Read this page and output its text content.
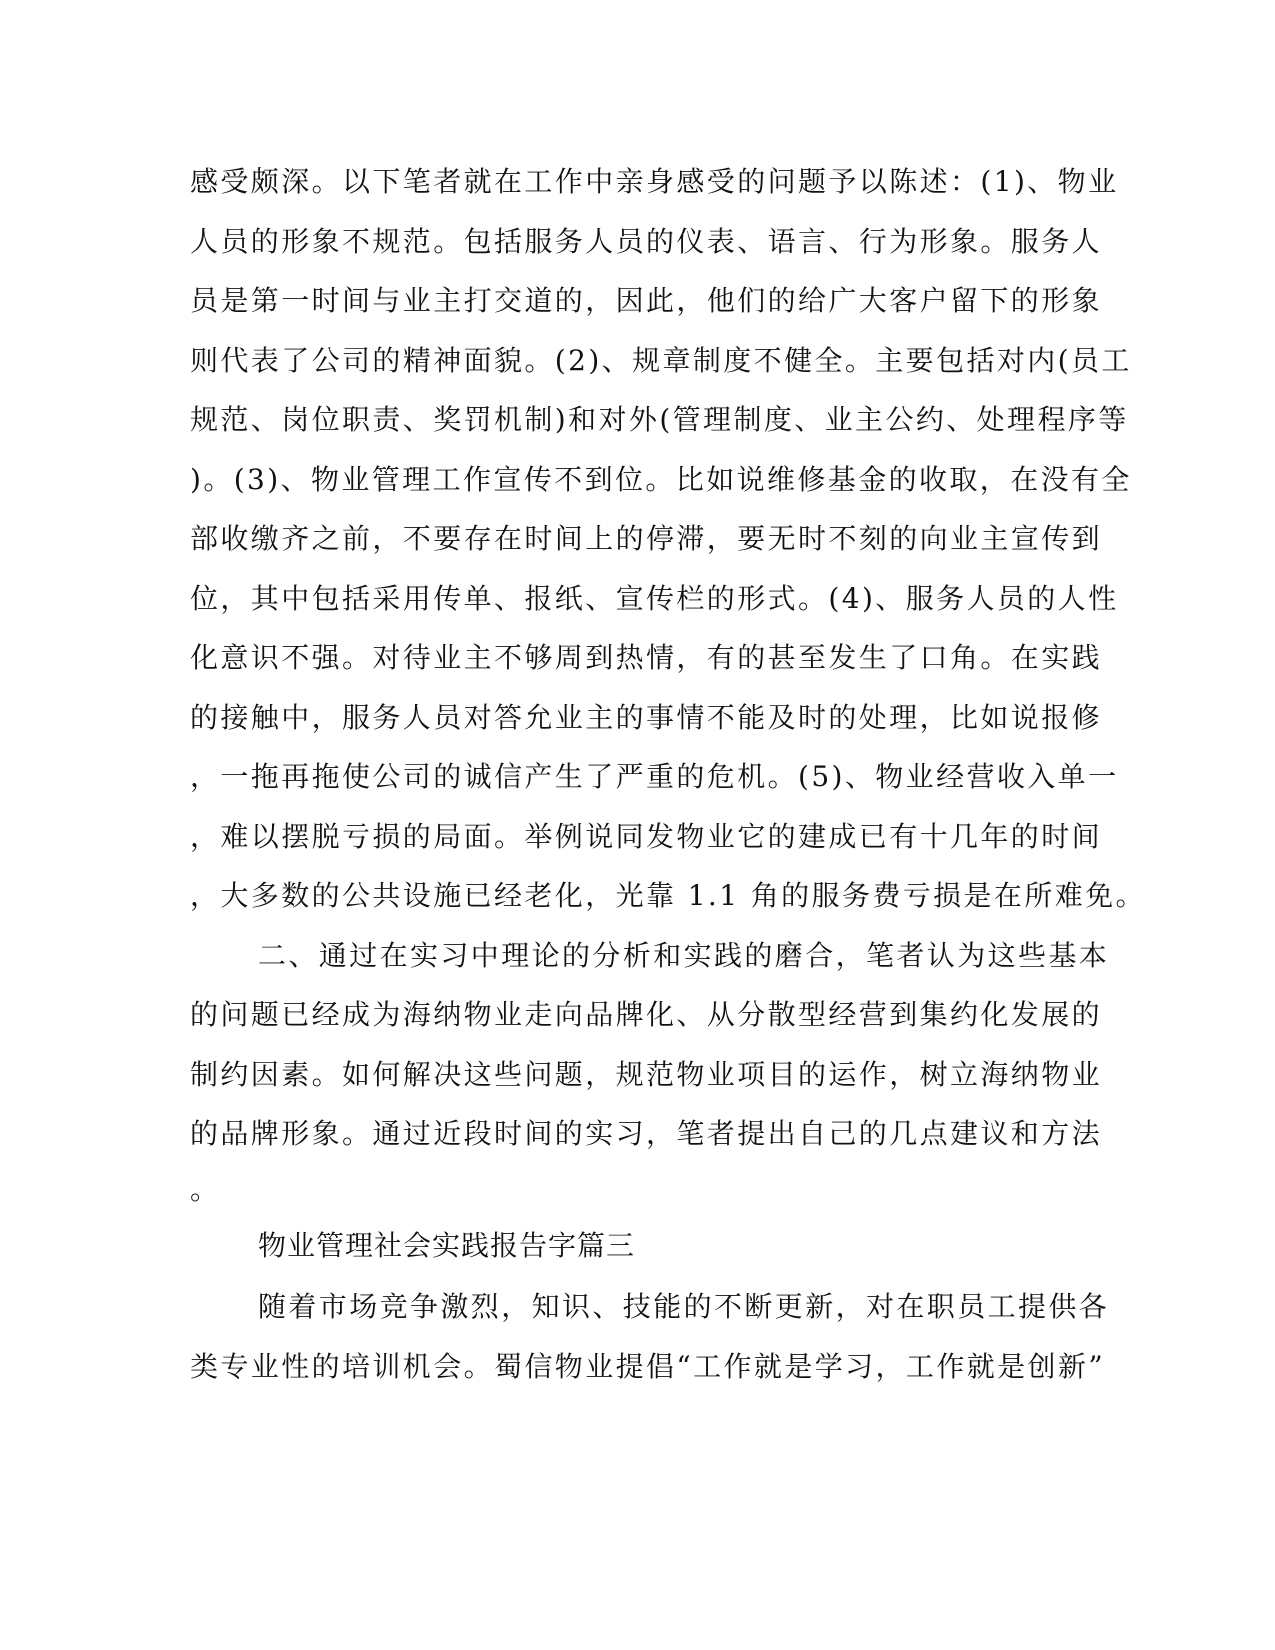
感受颇深。以下笔者就在工作中亲身感受的问题予以陈述：(1)、物业
人员的形象不规范。包括服务人员的仪表、语言、行为形象。服务人
员是第一时间与业主打交道的，因此，他们的给广大客户留下的形象
则代表了公司的精神面貌。(2)、规章制度不健全。主要包括对内(员工
规范、岗位职责、奖罚机制)和对外(管理制度、业主公约、处理程序等
)。(3)、物业管理工作宣传不到位。比如说维修基金的收取，在没有全
部收缴齐之前，不要存在时间上的停滞，要无时不刻的向业主宣传到
位，其中包括采用传单、报纸、宣传栏的形式。(4)、服务人员的人性
化意识不强。对待业主不够周到热情，有的甚至发生了口角。在实践
的接触中，服务人员对答允业主的事情不能及时的处理，比如说报修
，一拖再拖使公司的诚信产生了严重的危机。(5)、物业经营收入单一
，难以摆脱亏损的局面。举例说同发物业它的建成已有十几年的时间
，大多数的公共设施已经老化，光靠 1.1 角的服务费亏损是在所难免。
二、通过在实习中理论的分析和实践的磨合，笔者认为这些基本
的问题已经成为海纳物业走向品牌化、从分散型经营到集约化发展的
制约因素。如何解决这些问题，规范物业项目的运作，树立海纳物业
的品牌形象。通过近段时间的实习，笔者提出自己的几点建议和方法
。
物业管理社会实践报告字篇三
随着市场竞争激烈，知识、技能的不断更新，对在职员工提供各
类专业性的培训机会。蜀信物业提倡“工作就是学习，工作就是创新”
